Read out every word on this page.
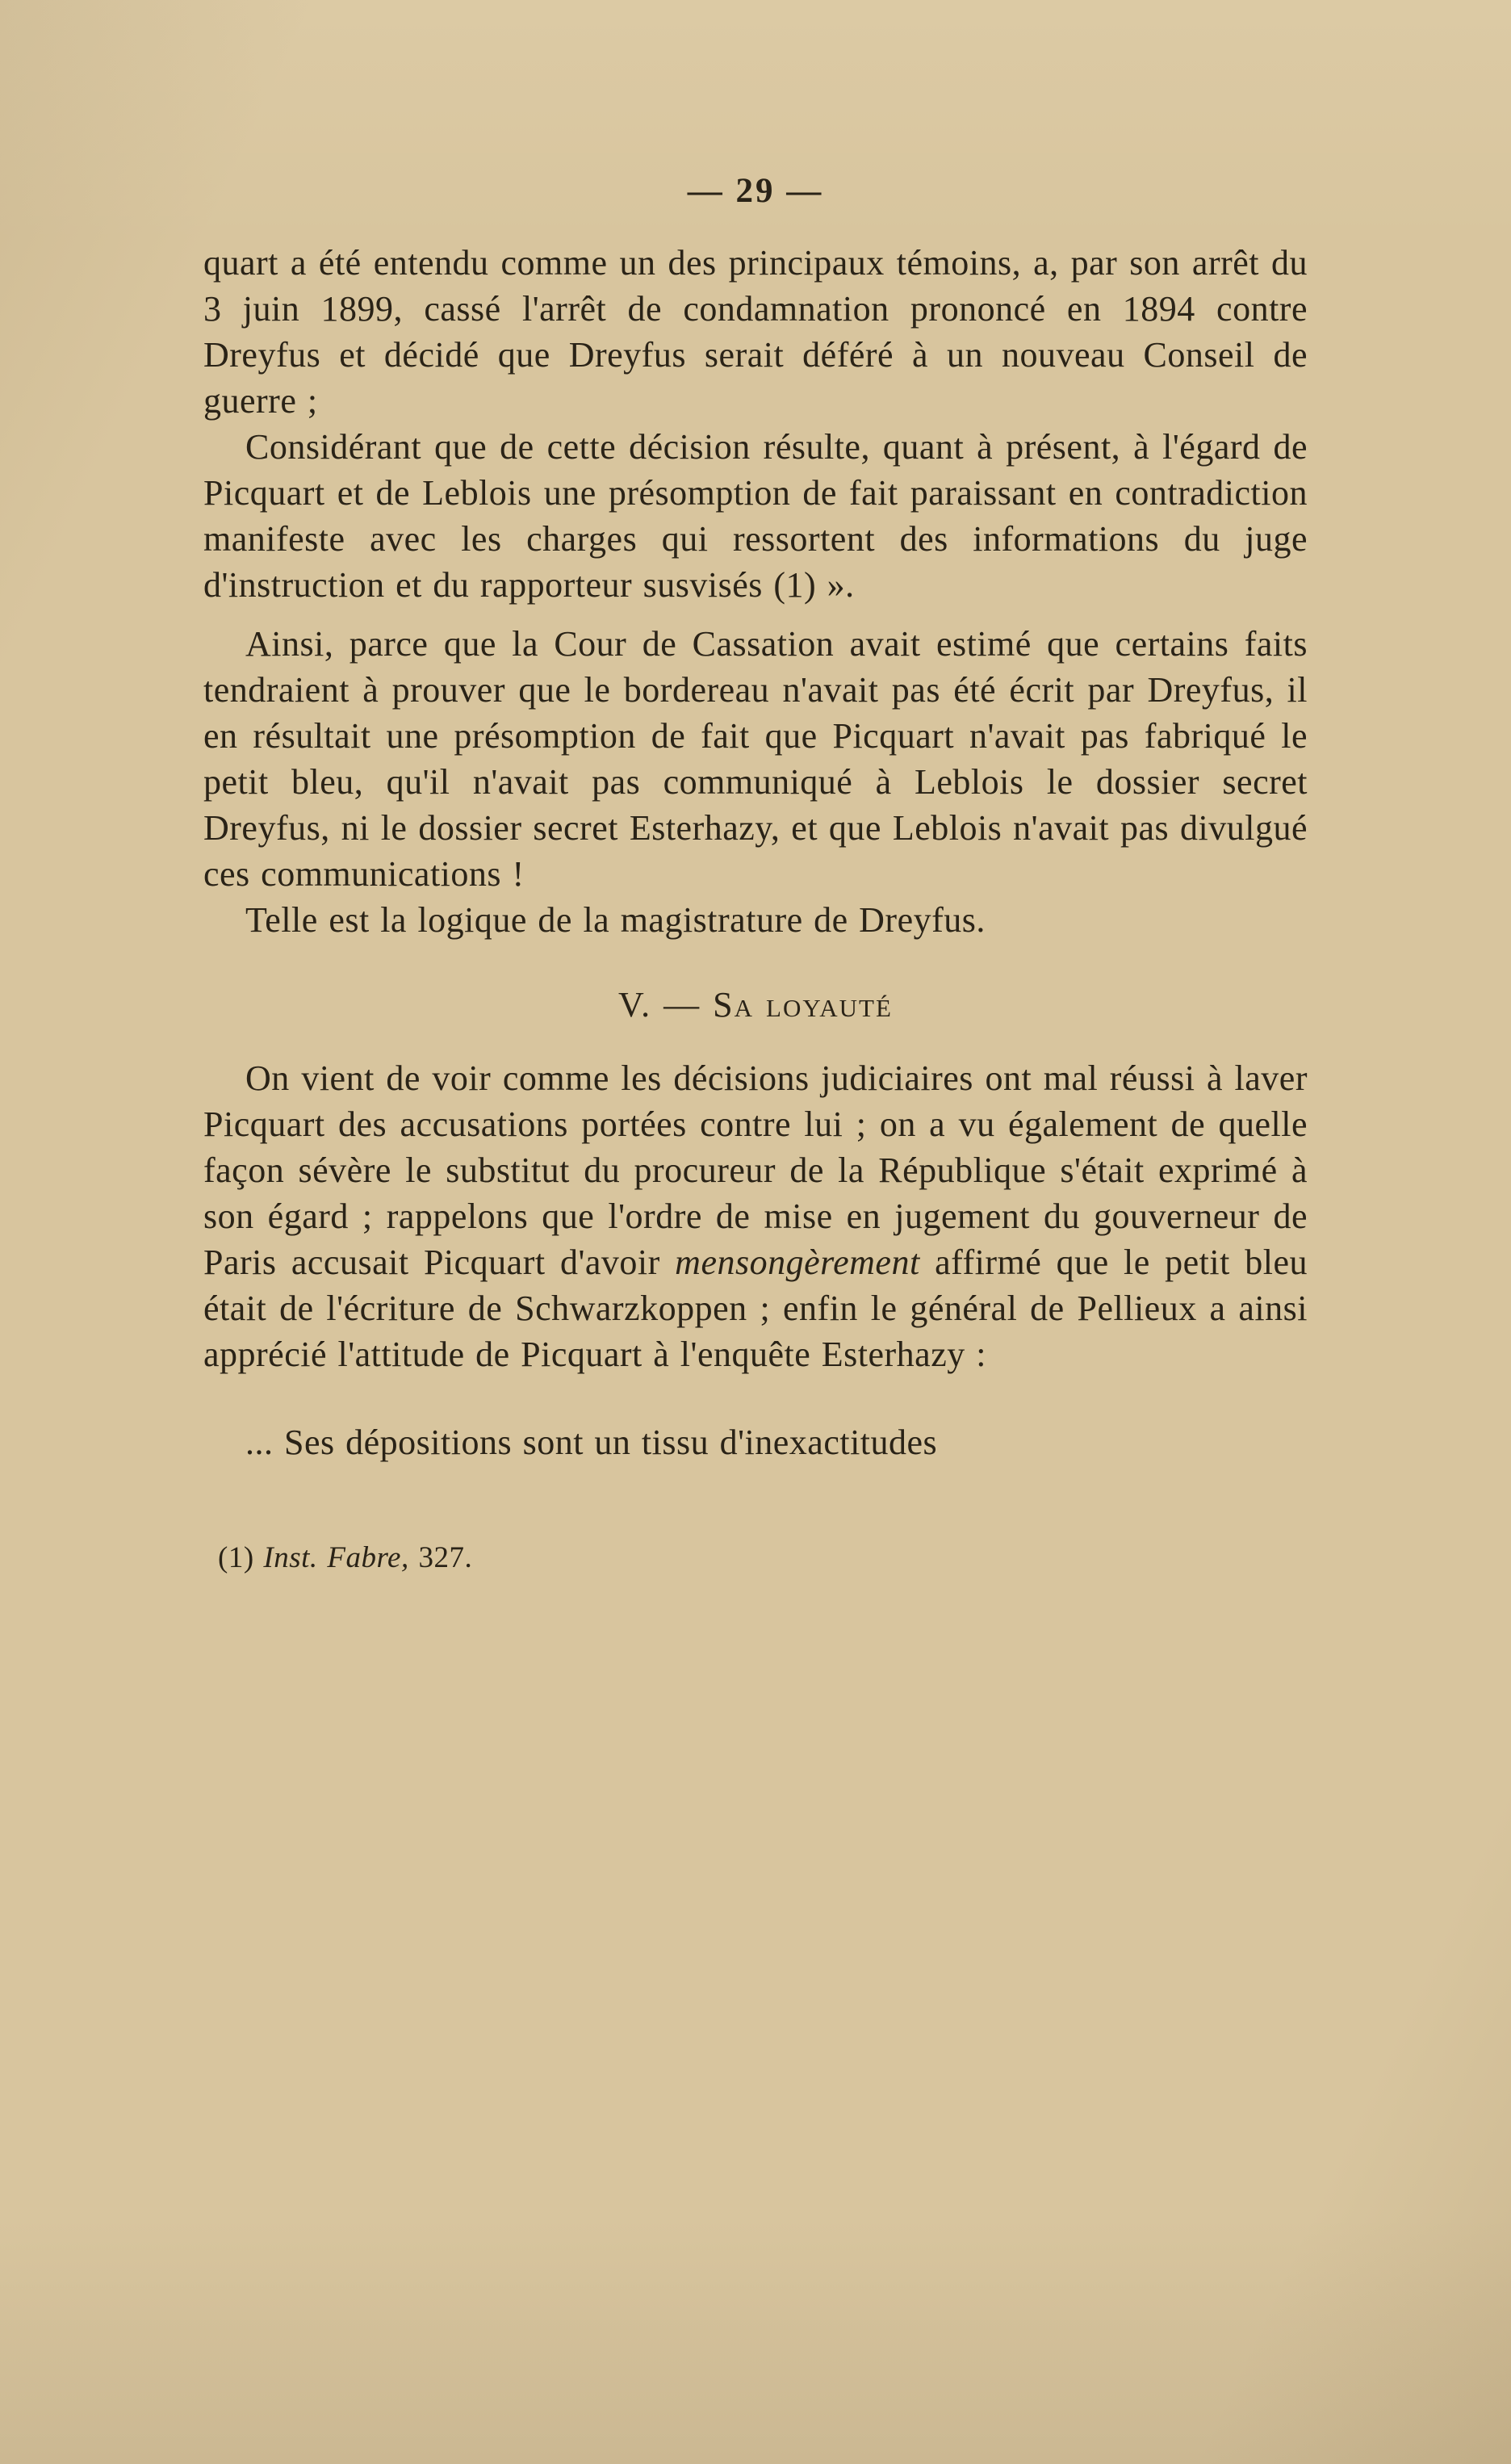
— 29 —

quart a été entendu comme un des principaux témoins, a, par son arrêt du 3 juin 1899, cassé l'arrêt de condamnation prononcé en 1894 contre Dreyfus et décidé que Dreyfus serait déféré à un nouveau Conseil de guerre ;

Considérant que de cette décision résulte, quant à présent, à l'égard de Picquart et de Leblois une présomption de fait paraissant en contradiction manifeste avec les charges qui ressortent des informations du juge d'instruction et du rapporteur susvisés (1) ».

Ainsi, parce que la Cour de Cassation avait estimé que certains faits tendraient à prouver que le bordereau n'avait pas été écrit par Dreyfus, il en résultait une présomption de fait que Picquart n'avait pas fabriqué le petit bleu, qu'il n'avait pas communiqué à Leblois le dossier secret Dreyfus, ni le dossier secret Esterhazy, et que Leblois n'avait pas divulgué ces communications !

Telle est la logique de la magistrature de Dreyfus.

V. — Sa loyauté

On vient de voir comme les décisions judiciaires ont mal réussi à laver Picquart des accusations portées contre lui ; on a vu également de quelle façon sévère le substitut du procureur de la République s'était exprimé à son égard ; rappelons que l'ordre de mise en jugement du gouverneur de Paris accusait Picquart d'avoir mensongèrement affirmé que le petit bleu était de l'écriture de Schwarzkoppen ; enfin le général de Pellieux a ainsi apprécié l'attitude de Picquart à l'enquête Esterhazy :

... Ses dépositions sont un tissu d'inexactitudes

(1) Inst. Fabre, 327.
